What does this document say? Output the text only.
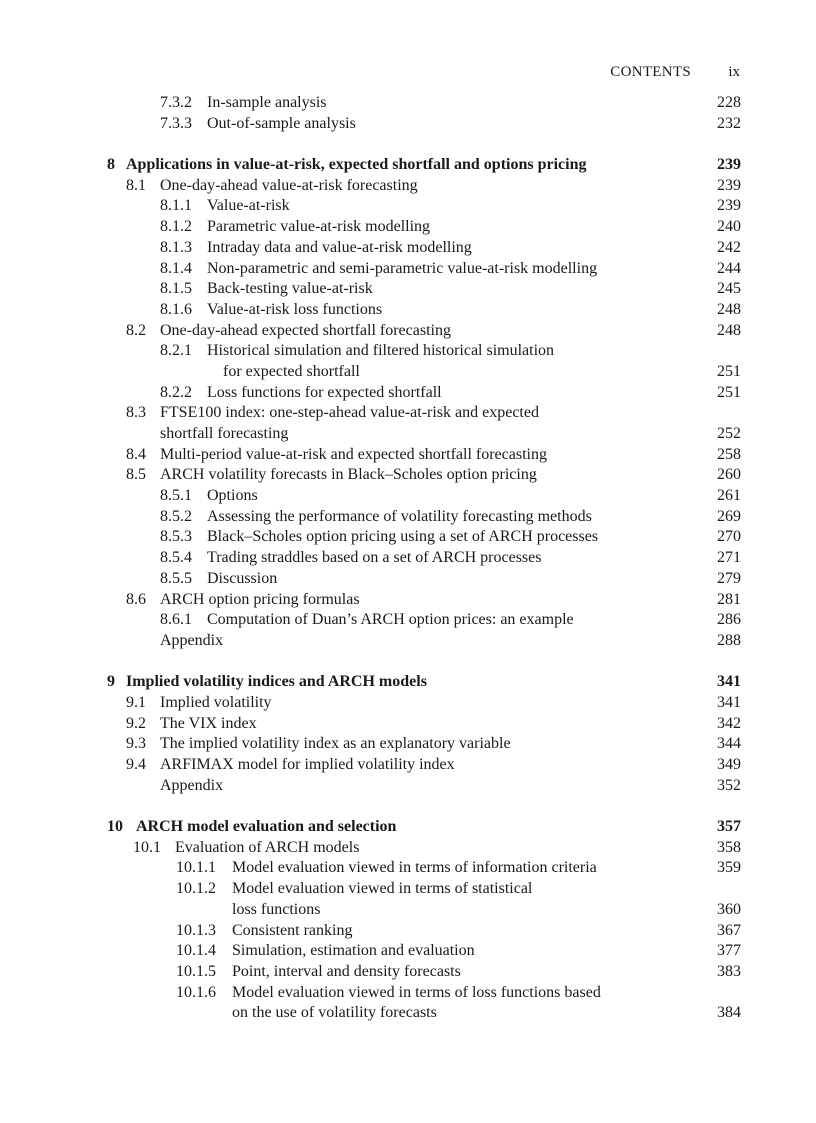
CONTENTS ix
7.3.2 In-sample analysis	228
7.3.3 Out-of-sample analysis	232
8 Applications in value-at-risk, expected shortfall and options pricing	239
8.1 One-day-ahead value-at-risk forecasting	239
8.1.1 Value-at-risk	239
8.1.2 Parametric value-at-risk modelling	240
8.1.3 Intraday data and value-at-risk modelling	242
8.1.4 Non-parametric and semi-parametric value-at-risk modelling	244
8.1.5 Back-testing value-at-risk	245
8.1.6 Value-at-risk loss functions	248
8.2 One-day-ahead expected shortfall forecasting	248
8.2.1 Historical simulation and filtered historical simulation
for expected shortfall	251
8.2.2 Loss functions for expected shortfall	251
8.3 FTSE100 index: one-step-ahead value-at-risk and expected
shortfall forecasting	252
8.4 Multi-period value-at-risk and expected shortfall forecasting	258
8.5 ARCH volatility forecasts in Black–Scholes option pricing	260
8.5.1 Options	261
8.5.2 Assessing the performance of volatility forecasting methods	269
8.5.3 Black–Scholes option pricing using a set of ARCH processes	270
8.5.4 Trading straddles based on a set of ARCH processes	271
8.5.5 Discussion	279
8.6 ARCH option pricing formulas	281
8.6.1 Computation of Duan’s ARCH option prices: an example	286
Appendix	288
9 Implied volatility indices and ARCH models	341
9.1 Implied volatility	341
9.2 The VIX index	342
9.3 The implied volatility index as an explanatory variable	344
9.4 ARFIMAX model for implied volatility index	349
Appendix	352
10 ARCH model evaluation and selection	357
10.1 Evaluation of ARCH models	358
10.1.1 Model evaluation viewed in terms of information criteria	359
10.1.2 Model evaluation viewed in terms of statistical
loss functions	360
10.1.3 Consistent ranking	367
10.1.4 Simulation, estimation and evaluation	377
10.1.5 Point, interval and density forecasts	383
10.1.6 Model evaluation viewed in terms of loss functions based
on the use of volatility forecasts	384
